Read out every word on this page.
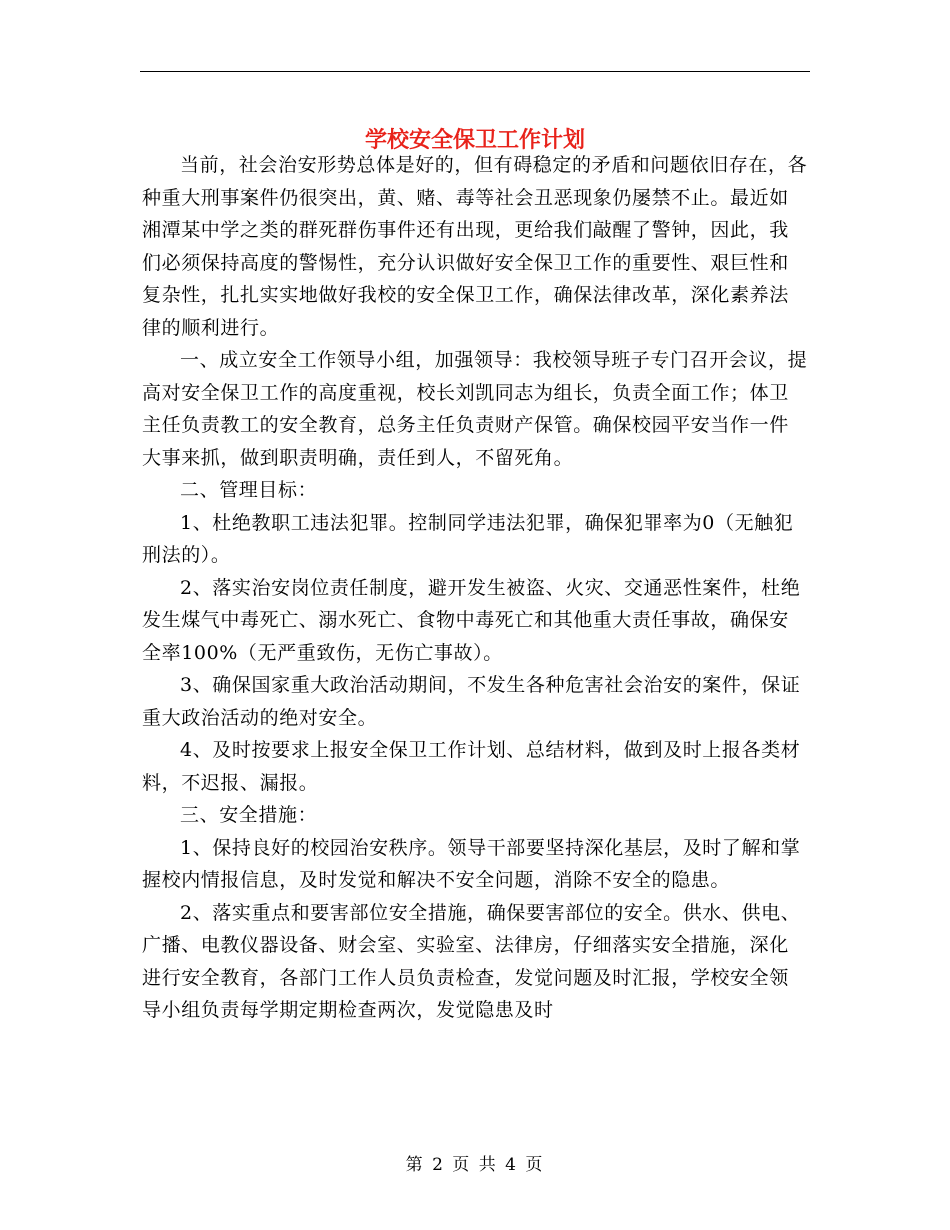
学校安全保卫工作计划

当前，社会治安形势总体是好的，但有碍稳定的矛盾和问题依旧存在，各种重大刑事案件仍很突出，黄、赌、毒等社会丑恶现象仍屡禁不止。最近如湘潭某中学之类的群死群伤事件还有出现，更给我们敲醒了警钟，因此，我们必须保持高度的警惕性，充分认识做好安全保卫工作的重要性、艰巨性和复杂性，扎扎实实地做好我校的安全保卫工作，确保法律改革，深化素养法律的顺利进行。

一、成立安全工作领导小组，加强领导：我校领导班子专门召开会议，提高对安全保卫工作的高度重视，校长刘凯同志为组长，负责全面工作；体卫主任负责教工的安全教育，总务主任负责财产保管。确保校园平安当作一件大事来抓，做到职责明确，责任到人，不留死角。

二、管理目标：

1、杜绝教职工违法犯罪。控制同学违法犯罪，确保犯罪率为0（无触犯刑法的）。

2、落实治安岗位责任制度，避开发生被盗、火灾、交通恶性案件，杜绝发生煤气中毒死亡、溺水死亡、食物中毒死亡和其他重大责任事故，确保安全率100%（无严重致伤，无伤亡事故）。

3、确保国家重大政治活动期间，不发生各种危害社会治安的案件，保证重大政治活动的绝对安全。

4、及时按要求上报安全保卫工作计划、总结材料，做到及时上报各类材料，不迟报、漏报。

三、安全措施：

1、保持良好的校园治安秩序。领导干部要坚持深化基层，及时了解和掌握校内情报信息，及时发觉和解决不安全问题，消除不安全的隐患。

2、落实重点和要害部位安全措施，确保要害部位的安全。供水、供电、广播、电教仪器设备、财会室、实验室、法律房，仔细落实安全措施，深化进行安全教育，各部门工作人员负责检查，发觉问题及时汇报，学校安全领导小组负责每学期定期检查两次，发觉隐患及时

第 2 页 共 4 页
